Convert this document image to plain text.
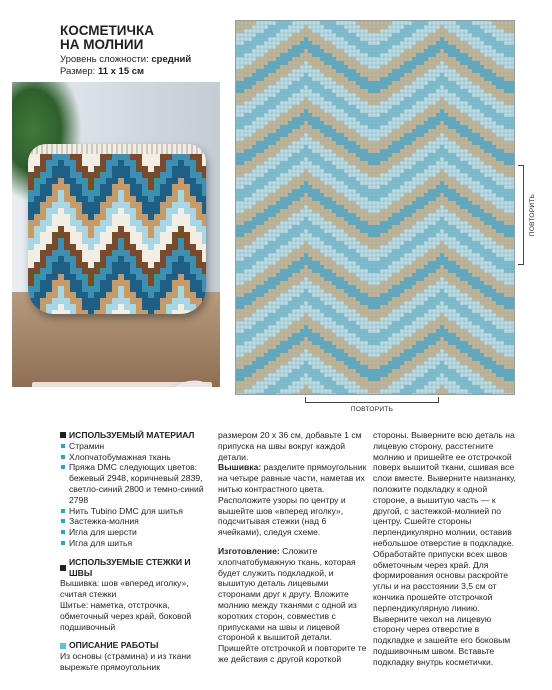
КОСМЕТИЧКА
НА МОЛНИИ
Уровень сложности: средний
Размер: 11 x 15 см
ПОВТОРИТЬ
ПОВТОРИТЬ
ИСПОЛЬЗУЕМЫЙ МАТЕРИАЛ
Страмин
Хлопчатобумажная ткань
Пряжа DMC следующих цветов: бежевый 2948, коричневый 2839, светло-синий 2800 и темно-синий 2798
Нить Tubino DMC для шитья
Застежка-молния
Игла для шерсти
Игла для шитья
ИСПОЛЬЗУЕМЫЕ СТЕЖКИ И ШВЫ
Вышивка: шов «вперед иголку», считая стежки
Шитье: наметка, отстрочка, обметочный через край, боковой подшивочный
ОПИСАНИЕ РАБОТЫ
Из основы (страмина) и из ткани вырежьте прямоугольник
размером 20 x 36 см, добавьте 1 см припуска на швы вокруг каждой детали.
Вышивка: разделите прямоугольник на четыре равные части, наметав их нитью контрастного цвета. Расположите узоры по центру и вышейте шов «вперед иголку», подсчитывая стежки (над 6 ячейками), следуя схеме.
Изготовление: Сложите хлопчатобумажную ткань, которая будет служить подкладкой, и вышитую деталь лицевыми сторонами друг к другу. Вложите молнию между тканями с одной из коротких сторон, совместив с припусками на швы и лицевой стороной к вышитой детали. Пришейте отстрочкой и повторите те же действия с другой короткой
стороны. Выверните всю деталь на лицевую сторону, расстегните молнию и пришейте ее отстрочкой поверх вышитой ткани, сшивая все слои вместе. Выверните наизнанку, положите подкладку к одной стороне, а вышитую часть — к другой, с застежкой-молнией по центру. Сшейте стороны перпендикулярно молнии, оставив небольшое отверстие в подкладке. Обработайте припуски всех швов обметочным через край. Для формирования основы раскройте углы и на расстоянии 3,5 см от кончика прошейте отстрочкой перпендикулярную линию. Выверните чехол на лицевую сторону через отверстие в подкладке и зашейте его боковым подшивочным швом. Вставьте подкладку внутрь косметички.
